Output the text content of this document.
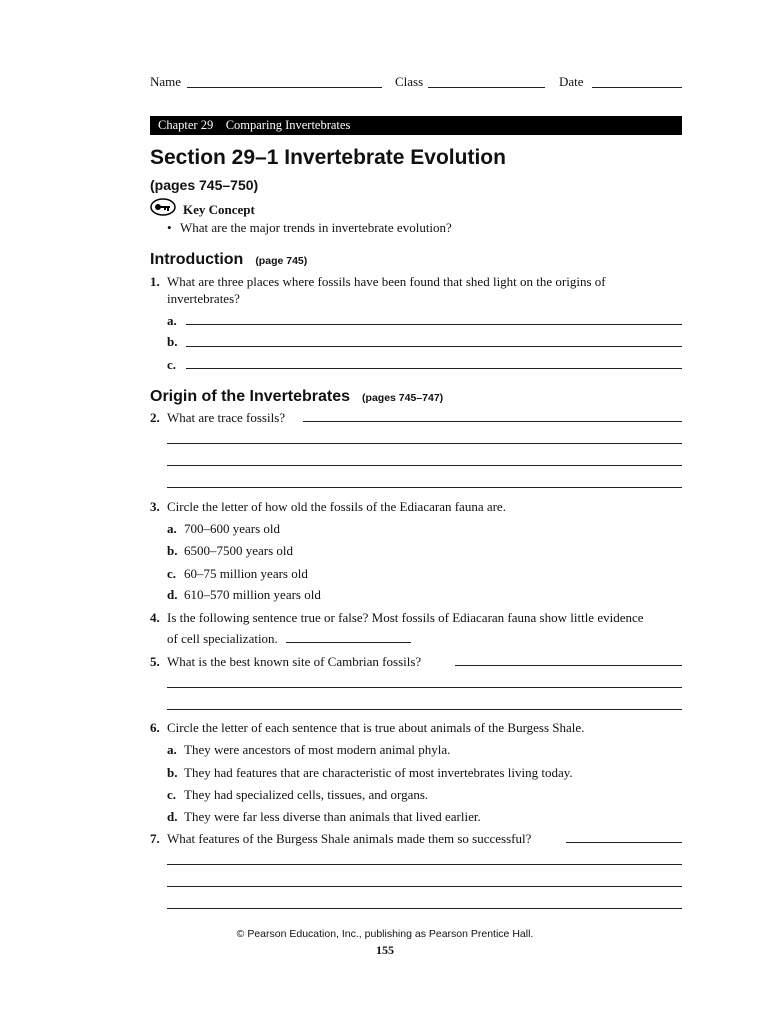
Name	Class	Date
Chapter 29 Comparing Invertebrates
Section 29–1 Invertebrate Evolution
(pages 745–750)
Key Concept
• What are the major trends in invertebrate evolution?
Introduction (page 745)
1. What are three places where fossils have been found that shed light on the origins of
invertebrates?
a.
b.
c.
Origin of the Invertebrates (pages 745–747)
2. What are trace fossils?
3. Circle the letter of how old the fossils of the Ediacaran fauna are.
a. 700–600 years old
b. 6500–7500 years old
c. 60–75 million years old
d. 610–570 million years old
4. Is the following sentence true or false? Most fossils of Ediacaran fauna show little evidence
of cell specialization.
5. What is the best known site of Cambrian fossils?
6. Circle the letter of each sentence that is true about animals of the Burgess Shale.
a. They were ancestors of most modern animal phyla.
b. They had features that are characteristic of most invertebrates living today.
c. They had specialized cells, tissues, and organs.
d. They were far less diverse than animals that lived earlier.
7. What features of the Burgess Shale animals made them so successful?
© Pearson Education, Inc., publishing as Pearson Prentice Hall.
155
